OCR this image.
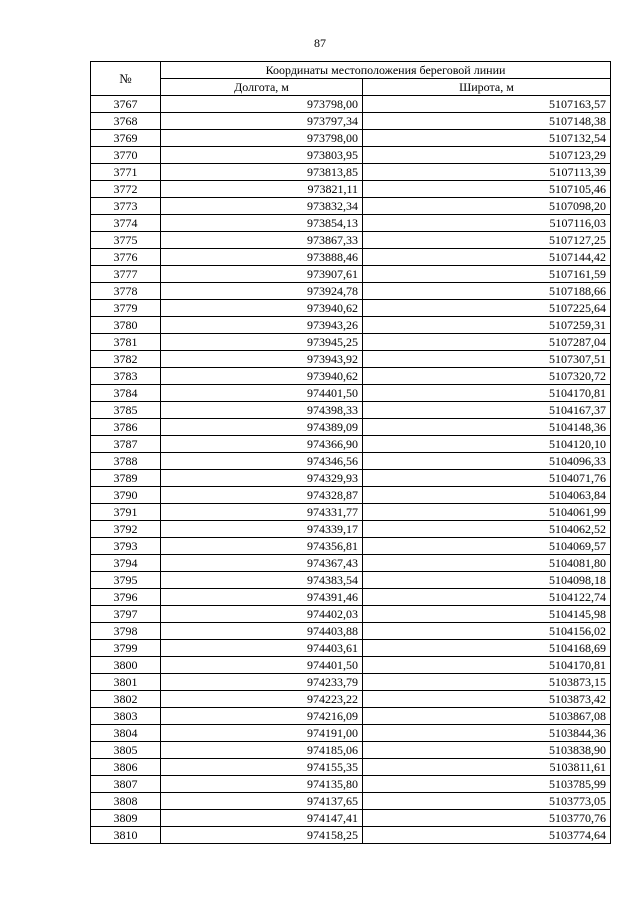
87
№	Координаты местоположения береговой линии	
	Долгота, м	Широта, м
3767	973798,00	5107163,57
3768	973797,34	5107148,38
3769	973798,00	5107132,54
3770	973803,95	5107123,29
3771	973813,85	5107113,39
3772	973821,11	5107105,46
3773	973832,34	5107098,20
3774	973854,13	5107116,03
3775	973867,33	5107127,25
3776	973888,46	5107144,42
3777	973907,61	5107161,59
3778	973924,78	5107188,66
3779	973940,62	5107225,64
3780	973943,26	5107259,31
3781	973945,25	5107287,04
3782	973943,92	5107307,51
3783	973940,62	5107320,72
3784	974401,50	5104170,81
3785	974398,33	5104167,37
3786	974389,09	5104148,36
3787	974366,90	5104120,10
3788	974346,56	5104096,33
3789	974329,93	5104071,76
3790	974328,87	5104063,84
3791	974331,77	5104061,99
3792	974339,17	5104062,52
3793	974356,81	5104069,57
3794	974367,43	5104081,80
3795	974383,54	5104098,18
3796	974391,46	5104122,74
3797	974402,03	5104145,98
3798	974403,88	5104156,02
3799	974403,61	5104168,69
3800	974401,50	5104170,81
3801	974233,79	5103873,15
3802	974223,22	5103873,42
3803	974216,09	5103867,08
3804	974191,00	5103844,36
3805	974185,06	5103838,90
3806	974155,35	5103811,61
3807	974135,80	5103785,99
3808	974137,65	5103773,05
3809	974147,41	5103770,76
3810	974158,25	5103774,64
